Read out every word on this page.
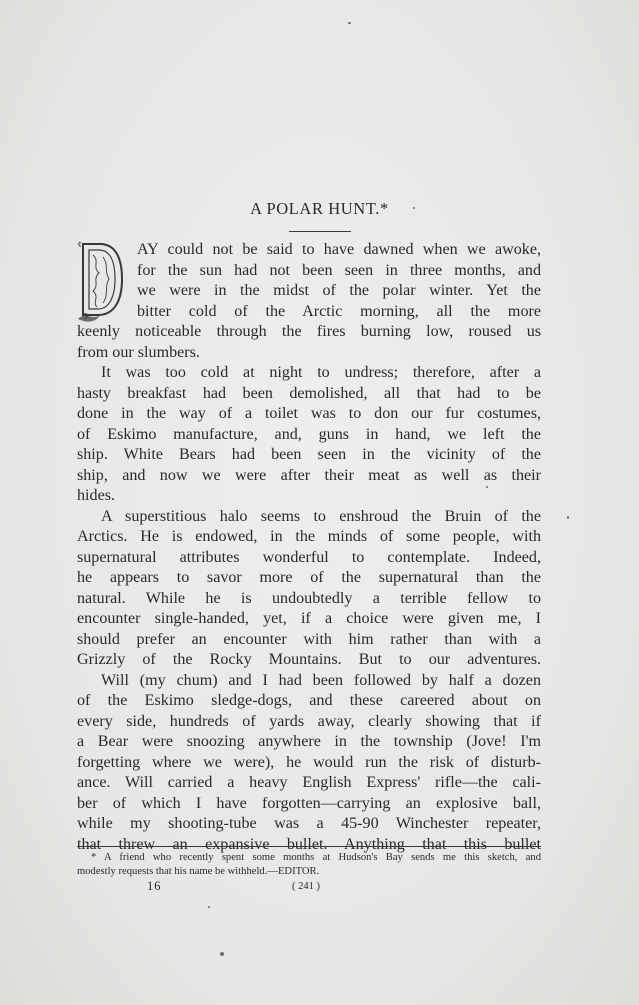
A POLAR HUNT.*
AY could not be said to have dawned when we awoke,
for the sun had not been seen in three months, and
we were in the midst of the polar winter. Yet the
bitter cold of the Arctic morning, all the more
keenly noticeable through the fires burning low, roused us
from our slumbers.
It was too cold at night to undress; therefore, after a
hasty breakfast had been demolished, all that had to be
done in the way of a toilet was to don our fur costumes,
of Eskimo manufacture, and, guns in hand, we left the
ship. White Bears had been seen in the vicinity of the
ship, and now we were after their meat as well as their
hides.
A superstitious halo seems to enshroud the Bruin of the
Arctics. He is endowed, in the minds of some people, with
supernatural attributes wonderful to contemplate. Indeed,
he appears to savor more of the supernatural than the
natural. While he is undoubtedly a terrible fellow to
encounter single-handed, yet, if a choice were given me, I
should prefer an encounter with him rather than with a
Grizzly of the Rocky Mountains. But to our adventures.
Will (my chum) and I had been followed by half a dozen
of the Eskimo sledge-dogs, and these careered about on
every side, hundreds of yards away, clearly showing that if
a Bear were snoozing anywhere in the township (Jove! I'm
forgetting where we were), he would run the risk of disturb-
ance. Will carried a heavy English Express' rifle—the cali-
ber of which I have forgotten—carrying an explosive ball,
while my shooting-tube was a 45-90 Winchester repeater,
that threw an expansive bullet. Anything that this bullet
* A friend who recently spent some months at Hudson's Bay sends me this sketch, and
modestly requests that his name be withheld.—EDITOR.
16	( 241 )
